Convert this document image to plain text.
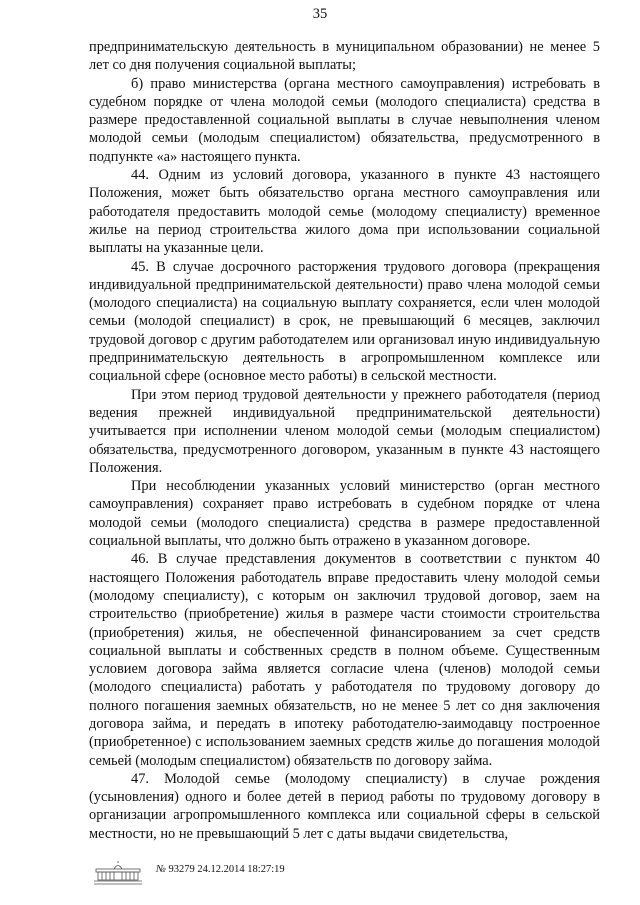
35

предпринимательскую деятельность в муниципальном образовании) не менее 5 лет со дня получения социальной выплаты;

б) право министерства (органа местного самоуправления) истребовать в судебном порядке от члена молодой семьи (молодого специалиста) средства в размере предоставленной социальной выплаты в случае невыполнения членом молодой семьи (молодым специалистом) обязательства, предусмотренного в подпункте «а» настоящего пункта.

44. Одним из условий договора, указанного в пункте 43 настоящего Положения, может быть обязательство органа местного самоуправления или работодателя предоставить молодой семье (молодому специалисту) временное жилье на период строительства жилого дома при использовании социальной выплаты на указанные цели.

45. В случае досрочного расторжения трудового договора (прекращения индивидуальной предпринимательской деятельности) право члена молодой семьи (молодого специалиста) на социальную выплату сохраняется, если член молодой семьи (молодой специалист) в срок, не превышающий 6 месяцев, заключил трудовой договор с другим работодателем или организовал иную индивидуальную предпринимательскую деятельность в агропромышленном комплексе или социальной сфере (основное место работы) в сельской местности.

При этом период трудовой деятельности у прежнего работодателя (период ведения прежней индивидуальной предпринимательской деятельности) учитывается при исполнении членом молодой семьи (молодым специалистом) обязательства, предусмотренного договором, указанным в пункте 43 настоящего Положения.

При несоблюдении указанных условий министерство (орган местного самоуправления) сохраняет право истребовать в судебном порядке от члена молодой семьи (молодого специалиста) средства в размере предоставленной социальной выплаты, что должно быть отражено в указанном договоре.

46. В случае представления документов в соответствии с пунктом 40 настоящего Положения работодатель вправе предоставить члену молодой семьи (молодому специалисту), с которым он заключил трудовой договор, заем на строительство (приобретение) жилья в размере части стоимости строительства (приобретения) жилья, не обеспеченной финансированием за счет средств социальной выплаты и собственных средств в полном объеме. Существенным условием договора займа является согласие члена (членов) молодой семьи (молодого специалиста) работать у работодателя по трудовому договору до полного погашения заемных обязательств, но не менее 5 лет со дня заключения договора займа, и передать в ипотеку работодателю-заимодавцу построенное (приобретенное) с использованием заемных средств жилье до погашения молодой семьей (молодым специалистом) обязательств по договору займа.

47. Молодой семье (молодому специалисту) в случае рождения (усыновления) одного и более детей в период работы по трудовому договору в организации агропромышленного комплекса или социальной сферы в сельской местности, но не превышающий 5 лет с даты выдачи свидетельства,

№ 93279 24.12.2014 18:27:19
